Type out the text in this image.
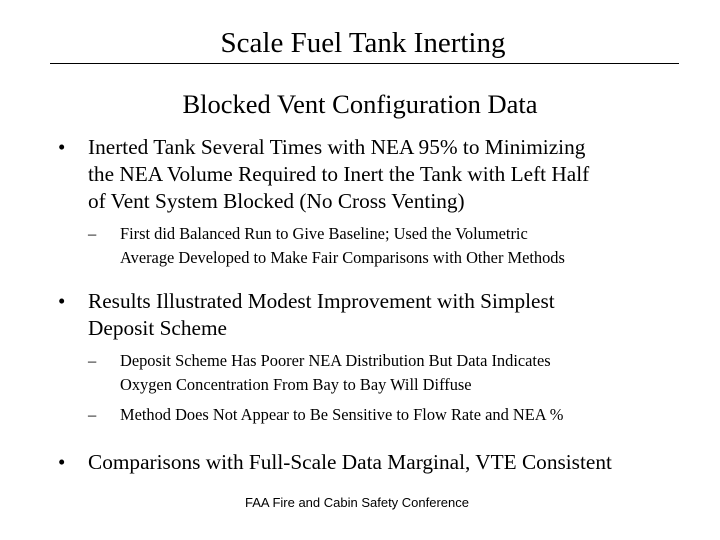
Scale Fuel Tank Inerting
Blocked Vent Configuration Data
• Inerted Tank Several Times with NEA 95% to Minimizing
the NEA Volume Required to Inert the Tank with Left Half
of Vent System Blocked (No Cross Venting)
– First did Balanced Run to Give Baseline; Used the Volumetric
Average Developed to Make Fair Comparisons with Other Methods
• Results Illustrated Modest Improvement with Simplest
Deposit Scheme
– Deposit Scheme Has Poorer NEA Distribution But Data Indicates
Oxygen Concentration From Bay to Bay Will Diffuse
– Method Does Not Appear to Be Sensitive to Flow Rate and NEA %
• Comparisons with Full-Scale Data Marginal, VTE Consistent
FAA Fire and Cabin Safety Conference
